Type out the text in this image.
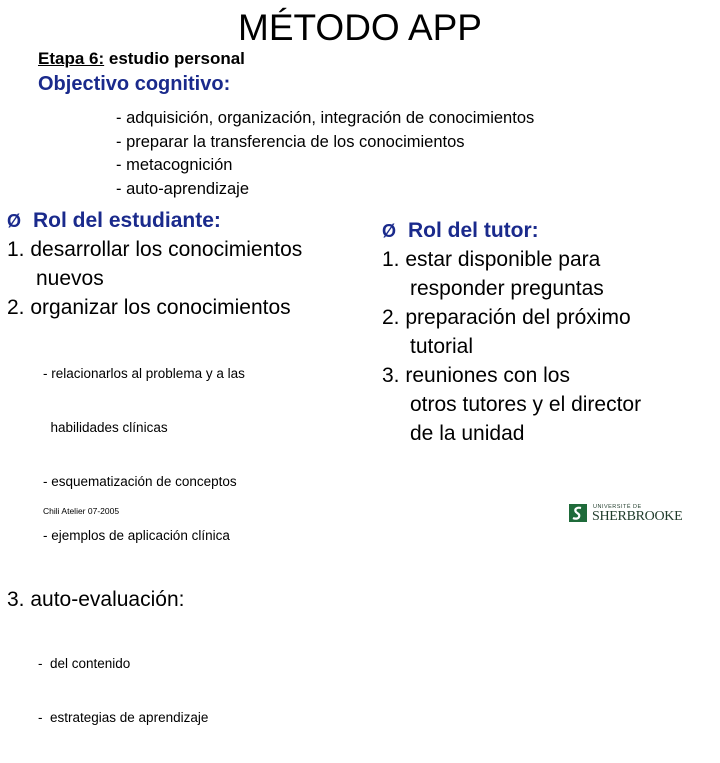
MÉTODO APP
Etapa 6: estudio personal
Objectivo cognitivo:
- adquisición, organización, integración de conocimientos
- preparar la transferencia de los conocimientos
- metacognición
- auto-aprendizaje
Ø Rol del estudiante:
1. desarrollar los conocimientos
nuevos
2. organizar los conocimientos

- relacionarlos al problema y a las

habilidades clínicas

- esquematización de conceptos

- ejemplos de aplicación clínica

3. auto-evaluación:

-  del contenido

-  estrategias de aprendizaje

Ø Rol del tutor:
1. estar disponible para
responder preguntas
2. preparación del próximo
tutorial
3. reuniones con los
otros tutores y el director
de la unidad
Chili Atelier 07-2005	UNIVERSITÉ DE
SHERBROOKE
